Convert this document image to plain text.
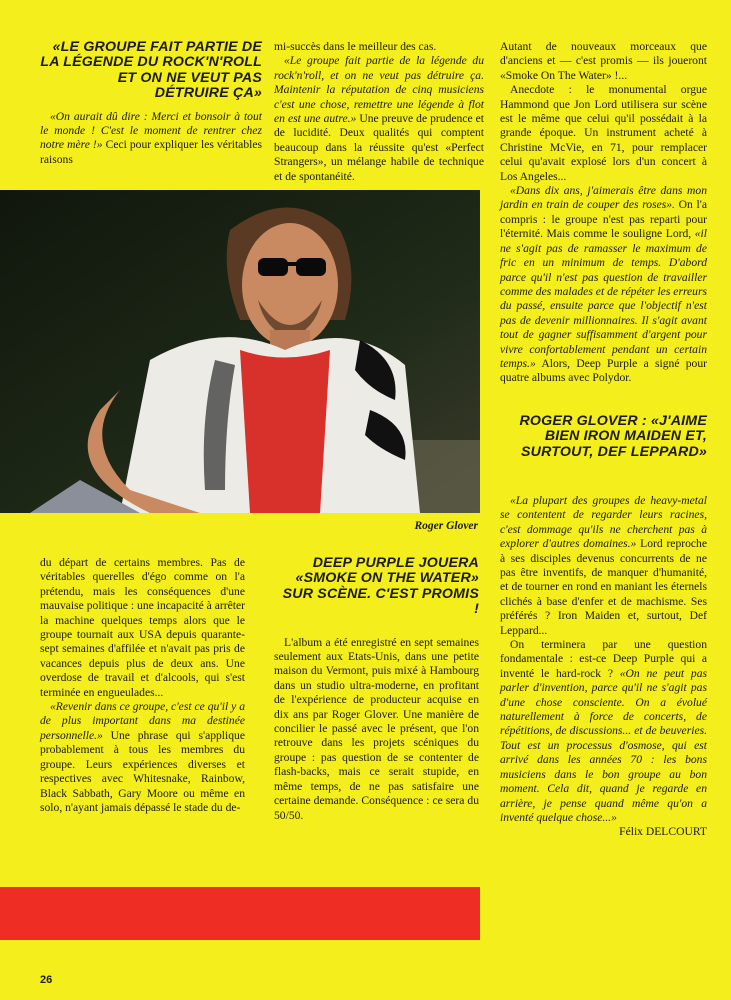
«LE GROUPE FAIT PARTIE DE LA LÉGENDE DU ROCK'N'ROLL ET ON NE VEUT PAS DÉTRUIRE ÇA»

«On aurait dû dire : Merci et bonsoir à tout le monde ! C'est le moment de rentrer chez notre mère !» Ceci pour expliquer les véritables raisons

mi-succès dans le meilleur des cas.

«Le groupe fait partie de la légende du rock'n'roll, et on ne veut pas détruire ça. Maintenir la réputation de cinq musiciens c'est une chose, remettre une légende à flot en est une autre.» Une preuve de prudence et de lucidité. Deux qualités qui comptent beaucoup dans la réussite qu'est «Perfect Strangers», un mélange habile de technique et de spontanéité.

Autant de nouveaux morceaux que d'anciens et — c'est promis — ils joueront «Smoke On The Water» !...

Anecdote : le monumental orgue Hammond que Jon Lord utilisera sur scène est le même que celui qu'il possédait à la grande époque. Un instrument acheté à Christine McVie, en 71, pour remplacer celui qu'avait explosé lors d'un concert à Los Angeles...

«Dans dix ans, j'aimerais être dans mon jardin en train de couper des roses». On l'a compris : le groupe n'est pas reparti pour l'éternité. Mais comme le souligne Lord, «il ne s'agit pas de ramasser le maximum de fric en un minimum de temps. D'abord parce qu'il n'est pas question de travailler comme des malades et de répéter les erreurs du passé, ensuite parce que l'objectif n'est pas de devenir millionnaires. Il s'agit avant tout de gagner suffisamment d'argent pour vivre confortablement pendant un certain temps.» Alors, Deep Purple a signé pour quatre albums avec Polydor.

ROGER GLOVER : «J'AIME BIEN IRON MAIDEN ET, SURTOUT, DEF LEPPARD»

«La plupart des groupes de heavy-metal se contentent de regarder leurs racines, c'est dommage qu'ils ne cherchent pas à explorer d'autres domaines.» Lord reproche à ses disciples devenus concurrents de ne pas être inventifs, de manquer d'humanité, et de tourner en rond en maniant les éternels clichés à base d'enfer et de machisme. Ses préférés ? Iron Maiden et, surtout, Def Leppard...

On terminera par une question fondamentale : est-ce Deep Purple qui a inventé le hard-rock ? «On ne peut pas parler d'invention, parce qu'il ne s'agit pas d'une chose consciente. On a évolué naturellement à force de concerts, de répétitions, de discussions... et de beuveries. Tout est un processus d'osmose, qui est arrivé dans les années 70 : les bons musiciens dans le bon groupe au bon moment. Cela dit, quand je regarde en arrière, je pense quand même qu'on a inventé quelque chose...»

Félix DELCOURT

Roger Glover

du départ de certains membres. Pas de véritables querelles d'égo comme on l'a prétendu, mais les conséquences d'une mauvaise politique : une incapacité à arrêter la machine quelques temps alors que le groupe tournait aux USA depuis quarante-sept semaines d'affilée et n'avait pas pris de vacances depuis plus de deux ans. Une overdose de travail et d'alcools, qui s'est terminée en engueulades...

«Revenir dans ce groupe, c'est ce qu'il y a de plus important dans ma destinée personnelle.» Une phrase qui s'applique probablement à tous les membres du groupe. Leurs expériences diverses et respectives avec Whitesnake, Rainbow, Black Sabbath, Gary Moore ou même en solo, n'ayant jamais dépassé le stade du de-

DEEP PURPLE JOUERA «SMOKE ON THE WATER» SUR SCÈNE. C'EST PROMIS !

L'album a été enregistré en sept semaines seulement aux Etats-Unis, dans une petite maison du Vermont, puis mixé à Hambourg dans un studio ultra-moderne, en profitant de l'expérience de producteur acquise en dix ans par Roger Glover. Une manière de concilier le passé avec le présent, que l'on retrouve dans les projets scéniques du groupe : pas question de se contenter de flash-backs, mais ce serait stupide, en même temps, de ne pas satisfaire une certaine demande. Conséquence : ce sera du 50/50.

26
